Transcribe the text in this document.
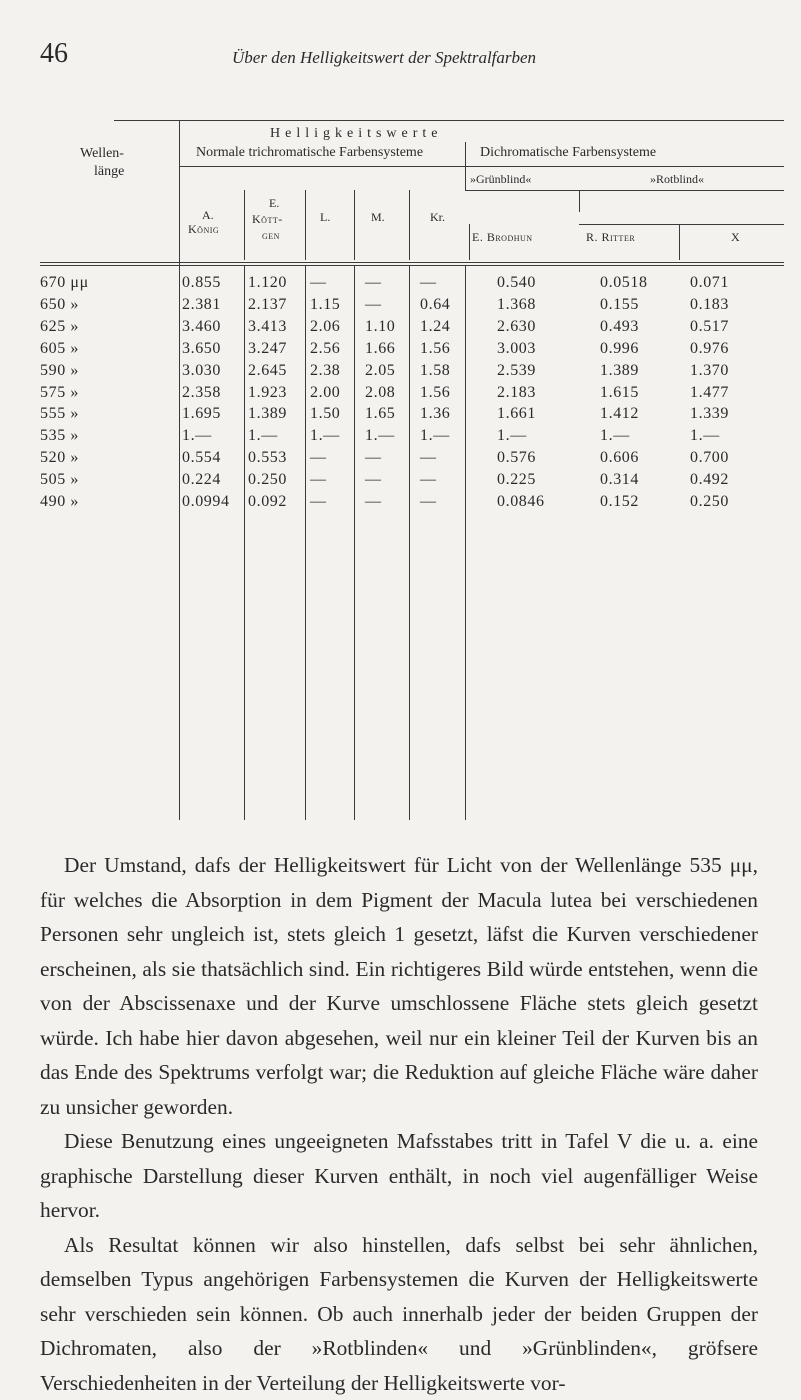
46	Über den Helligkeitswert der Spektralfarben
Helligkeitswerte
Wellen-
länge
Normale trichromatische Farbensysteme	Dichromatische Farbensysteme
»Grünblind«	»Rotblind«
A.
König
E.
Kött-
gen
L.	M.	Kr.
E. Brodhun	R. Ritter	X
670 μμ	0.855 1.120 — — —	0.540	0.0518	0.071
650 »	2.381 2.137 1.15 — 0.64	1.368	0.155	0.183
625 »	3.460 3.413 2.06 1.10 1.24	2.630	0.493	0.517
605 »	3.650 3.247 2.56 1.66 1.56	3.003	0.996	0.976
590 »	3.030 2.645 2.38 2.05 1.58	2.539	1.389	1.370
575 »	2.358 1.923 2.00 2.08 1.56	2.183	1.615	1.477
555 »	1.695 1.389 1.50 1.65 1.36	1.661	1.412	1.339
535 »	1.— 1.— 1.— 1.— 1.—	1.—	1.—	1.—
520 »	0.554 0.553 — — —	0.576	0.606	0.700
505 »	0.224 0.250 — — —	0.225	0.314	0.492
490 »	0.0994 0.092 — — —	0.0846	0.152	0.250

Der Umstand, dafs der Helligkeitswert für Licht von der Wellenlänge 535 μμ, für welches die Absorption in dem Pigment der Macula lutea bei verschiedenen Personen sehr ungleich ist, stets gleich 1 gesetzt, läfst die Kurven verschiedener erscheinen, als sie thatsächlich sind. Ein richtigeres Bild würde entstehen, wenn die von der Abscissenaxe und der Kurve umschlossene Fläche stets gleich gesetzt würde. Ich habe hier davon abgesehen, weil nur ein kleiner Teil der Kurven bis an das Ende des Spektrums verfolgt war; die Reduktion auf gleiche Fläche wäre daher zu unsicher geworden.

Diese Benutzung eines ungeeigneten Mafsstabes tritt in Tafel V die u. a. eine graphische Darstellung dieser Kurven enthält, in noch viel augenfälliger Weise hervor.

Als Resultat können wir also hinstellen, dafs selbst bei sehr ähnlichen, demselben Typus angehörigen Farbensystemen die Kurven der Helligkeitswerte sehr verschieden sein können. Ob auch innerhalb jeder der beiden Gruppen der Dichromaten, also der »Rotblinden« und »Grünblinden«, gröfsere Verschiedenheiten in der Verteilung der Helligkeitswerte vor-
